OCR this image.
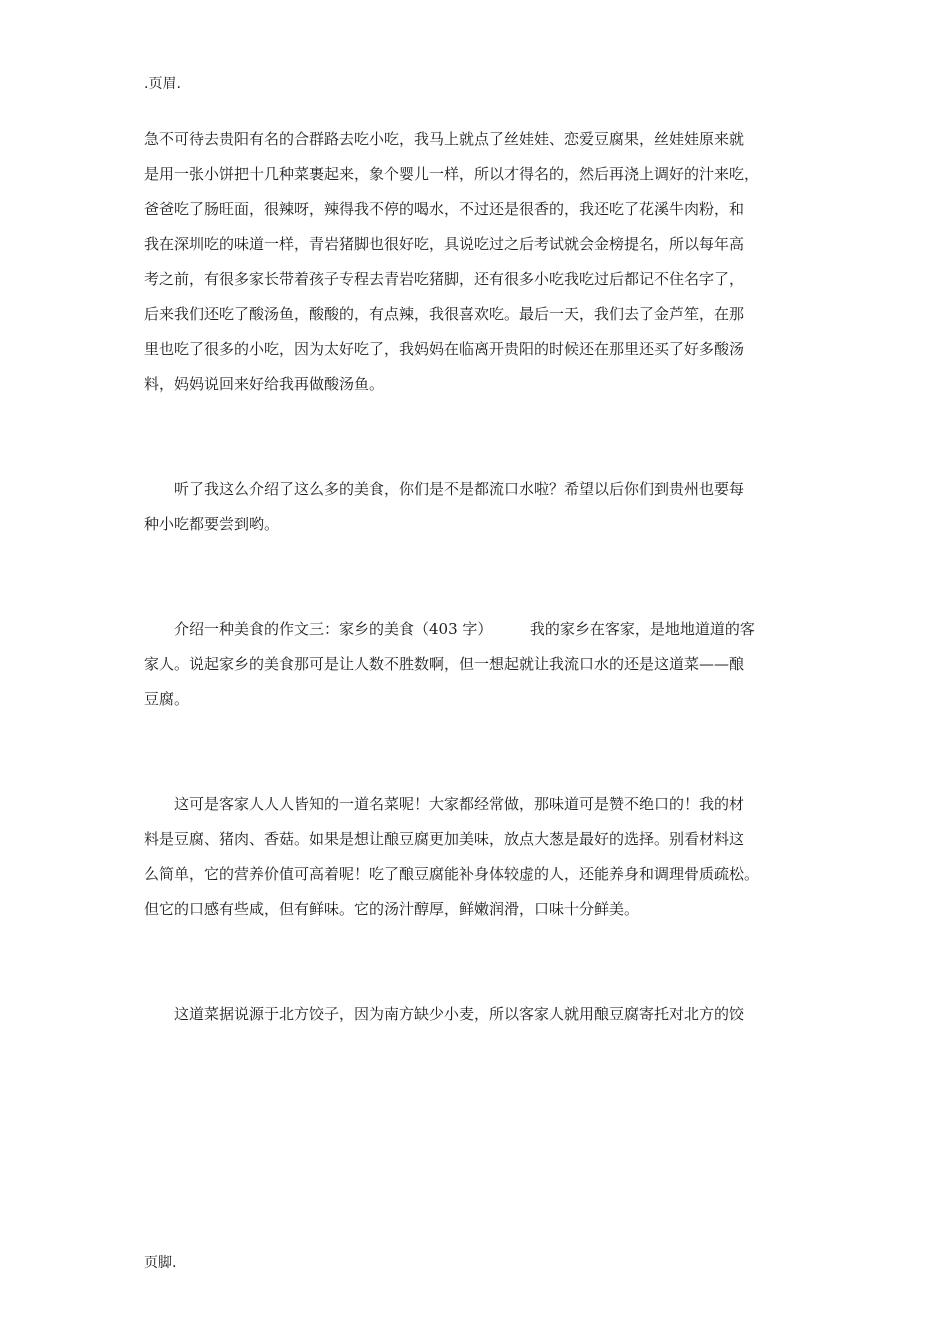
.页眉.
急不可待去贵阳有名的合群路去吃小吃，我马上就点了丝娃娃、恋爱豆腐果，丝娃娃原来就
是用一张小饼把十几种菜裹起来，象个婴儿一样，所以才得名的，然后再浇上调好的汁来吃，
爸爸吃了肠旺面，很辣呀，辣得我不停的喝水，不过还是很香的，我还吃了花溪牛肉粉，和
我在深圳吃的味道一样，青岩猪脚也很好吃，具说吃过之后考试就会金榜提名，所以每年高
考之前，有很多家长带着孩子专程去青岩吃猪脚，还有很多小吃我吃过后都记不住名字了，
后来我们还吃了酸汤鱼，酸酸的，有点辣，我很喜欢吃。最后一天，我们去了金芦笙，在那
里也吃了很多的小吃，因为太好吃了，我妈妈在临离开贵阳的时候还在那里还买了好多酸汤
料，妈妈说回来好给我再做酸汤鱼。
　　听了我这么介绍了这么多的美食，你们是不是都流口水啦？希望以后你们到贵州也要每
种小吃都要尝到哟。
　　介绍一种美食的作文三：家乡的美食（403 字）　　　我的家乡在客家，是地地道道的客
家人。说起家乡的美食那可是让人数不胜数啊，但一想起就让我流口水的还是这道菜——酿
豆腐。
　　这可是客家人人人皆知的一道名菜呢！大家都经常做，那味道可是赞不绝口的！我的材
料是豆腐、猪肉、香菇。如果是想让酿豆腐更加美味，放点大葱是最好的选择。别看材料这
么简单，它的营养价值可高着呢！吃了酿豆腐能补身体较虚的人，还能养身和调理骨质疏松。
但它的口感有些咸，但有鲜味。它的汤汁醇厚，鲜嫩润滑，口味十分鲜美。
　　这道菜据说源于北方饺子，因为南方缺少小麦，所以客家人就用酿豆腐寄托对北方的饺
页脚.
